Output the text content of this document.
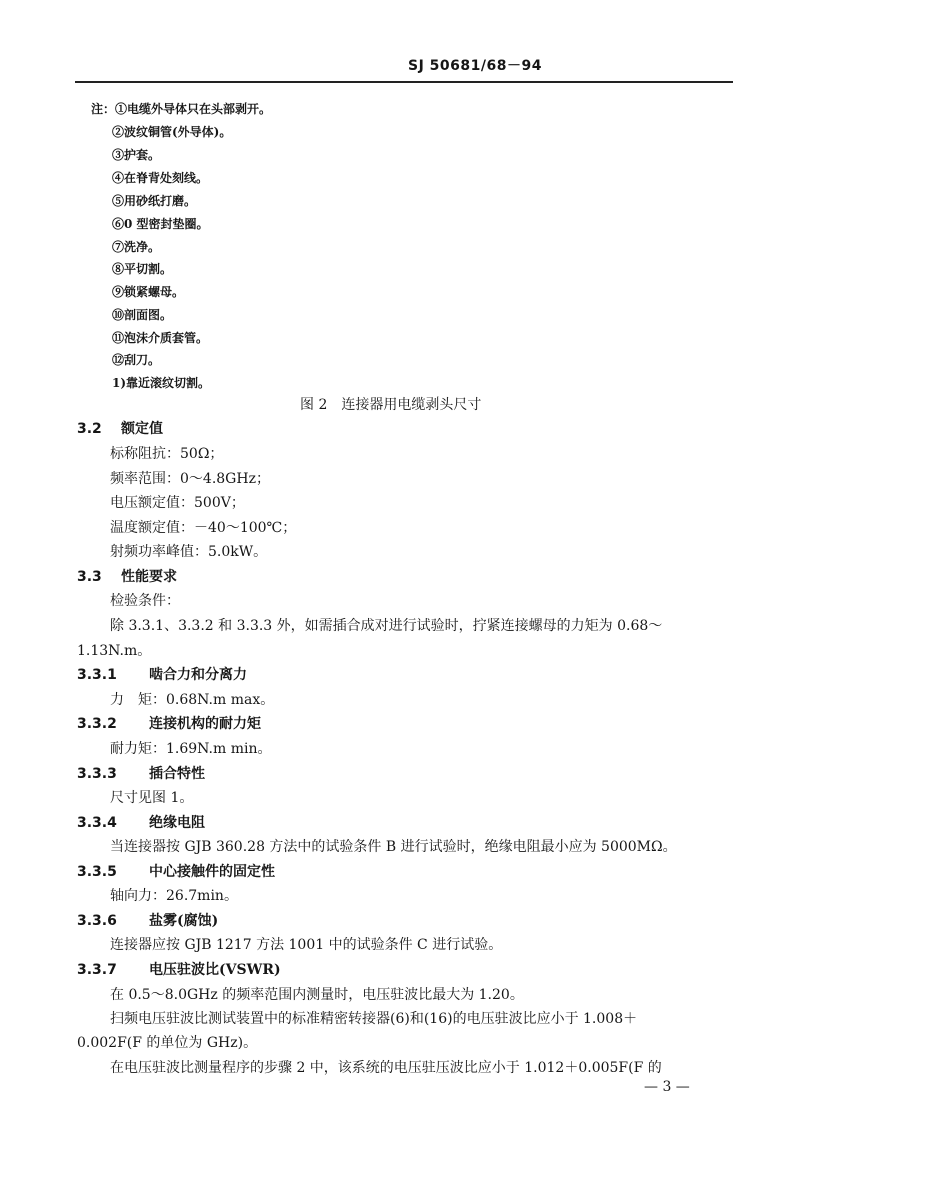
SJ 50681/68－94
注：①电缆外导体只在头部剥开。
②波纹铜管(外导体)。
③护套。
④在脊背处刻线。
⑤用砂纸打磨。
⑥0 型密封垫圈。
⑦洗净。
⑧平切割。
⑨锁紧螺母。
⑩剖面图。
⑪泡沫介质套管。
⑫刮刀。
1)靠近滚纹切割。
图 2　连接器用电缆剥头尺寸
3.2 额定值
标称阻抗：50Ω；
频率范围：0～4.8GHz；
电压额定值：500V；
温度额定值：－40～100℃；
射频功率峰值：5.0kW。
3.3 性能要求
检验条件：
除 3.3.1、3.3.2 和 3.3.3 外，如需插合成对进行试验时，拧紧连接螺母的力矩为 0.68～
1.13N.m。
3.3.1 啮合力和分离力
力　矩：0.68N.m max。
3.3.2 连接机构的耐力矩
耐力矩：1.69N.m min。
3.3.3 插合特性
尺寸见图 1。
3.3.4 绝缘电阻
当连接器按 GJB 360.28 方法中的试验条件 B 进行试验时，绝缘电阻最小应为 5000MΩ。
3.3.5 中心接触件的固定性
轴向力：26.7min。
3.3.6 盐雾(腐蚀)
连接器应按 GJB 1217 方法 1001 中的试验条件 C 进行试验。
3.3.7 电压驻波比(VSWR)
在 0.5～8.0GHz 的频率范围内测量时，电压驻波比最大为 1.20。
扫频电压驻波比测试装置中的标准精密转接器(6)和(16)的电压驻波比应小于 1.008＋
0.002F(F 的单位为 GHz)。
在电压驻波比测量程序的步骤 2 中，该系统的电压驻压波比应小于 1.012＋0.005F(F 的
— 3 —
